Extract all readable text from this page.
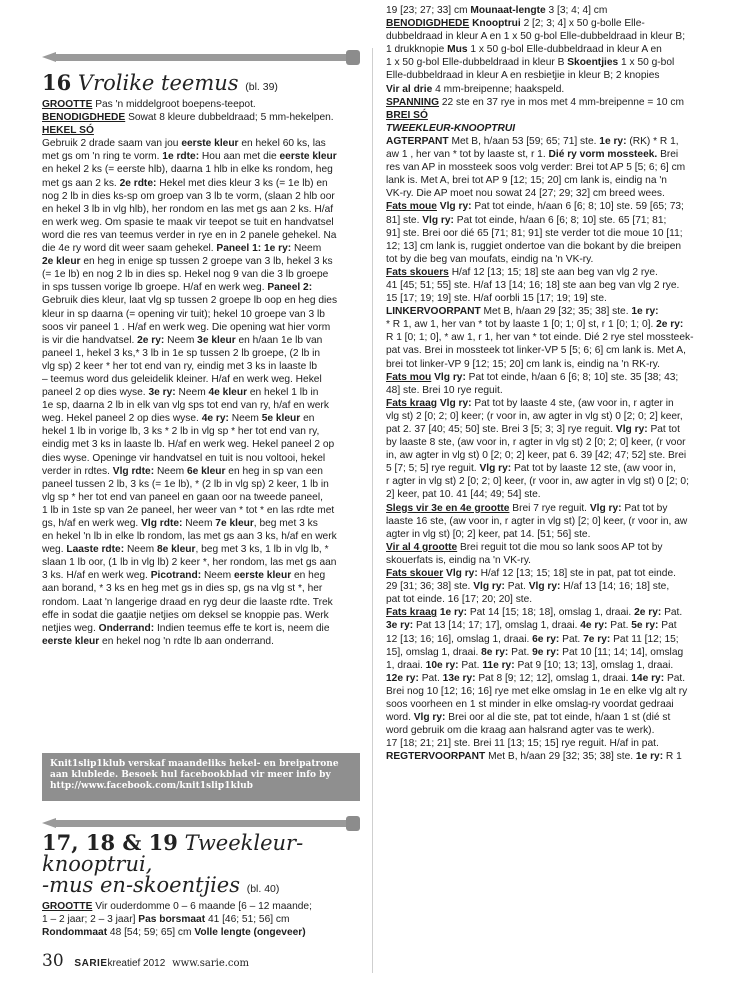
16 Vrolike teemus (bl. 39)

GROOTTE Pas 'n middelgroot boepens-teepot.

BENODIGDHEDE Sowat 8 kleure dubbeldraad; 5 mm-hekelpen.

HEKEL SÓ

Gebruik 2 drade saam van jou eerste kleur en hekel 60 ks, las
met gs om 'n ring te vorm. 1e rdte: Hou aan met die eerste kleur
en hekel 2 ks (= eerste hlb), daarna 1 hlb in elke ks rondom, heg
met gs aan 2 ks. 2e rdte: Hekel met dies kleur 3 ks (= 1e lb) en
nog 2 lb in dies ks-sp om groep van 3 lb te vorm, (slaan 2 hlb oor
en hekel 3 lb in vlg hlb), her rondom en las met gs aan 2 ks. H/af
en werk weg. Om spasie te maak vir teepot se tuit en handvatsel
word die res van teemus verder in rye en in 2 panele gehekel. Na
die 4e ry word dit weer saam gehekel. Paneel 1: 1e ry: Neem
2e kleur en heg in enige sp tussen 2 groepe van 3 lb, hekel 3 ks
(= 1e lb) en nog 2 lb in dies sp. Hekel nog 9 van die 3 lb groepe
in sps tussen vorige lb groepe. H/af en werk weg. Paneel 2:
Gebruik dies kleur, laat vlg sp tussen 2 groepe lb oop en heg dies
kleur in sp daarna (= opening vir tuit); hekel 10 groepe van 3 lb
soos vir paneel 1 . H/af en werk weg. Die opening wat hier vorm
is vir die handvatsel. 2e ry: Neem 3e kleur en h/aan 1e lb van
paneel 1, hekel 3 ks,* 3 lb in 1e sp tussen 2 lb groepe, (2 lb in
vlg sp) 2 keer * her tot end van ry, eindig met 3 ks in laaste lb
– teemus word dus geleidelik kleiner. H/af en werk weg. Hekel
paneel 2 op dies wyse. 3e ry: Neem 4e kleur en hekel 1 lb in
1e sp, daarna 2 lb in elk van vlg sps tot end van ry, h/af en werk
weg. Hekel paneel 2 op dies wyse. 4e ry: Neem 5e kleur en
hekel 1 lb in vorige lb, 3 ks * 2 lb in vlg sp * her tot end van ry,
eindig met 3 ks in laaste lb. H/af en werk weg. Hekel paneel 2 op
dies wyse. Openinge vir handvatsel en tuit is nou voltooi, hekel
verder in rdtes. Vlg rdte: Neem 6e kleur en heg in sp van een
paneel tussen 2 lb, 3 ks (= 1e lb), * (2 lb in vlg sp) 2 keer, 1 lb in
vlg sp * her tot end van paneel en gaan oor na tweede paneel,
1 lb in 1ste sp van 2e paneel, her weer van * tot * en las rdte met
gs, h/af en werk weg. Vlg rdte: Neem 7e kleur, beg met 3 ks
en hekel 'n lb in elke lb rondom, las met gs aan 3 ks, h/af en werk
weg. Laaste rdte: Neem 8e kleur, beg met 3 ks, 1 lb in vlg lb, *
slaan 1 lb oor, (1 lb in vlg lb) 2 keer *, her rondom, las met gs aan
3 ks. H/af en werk weg. Picotrand: Neem eerste kleur en heg
aan borand, * 3 ks en heg met gs in dies sp, gs na vlg st *, her
rondom. Laat 'n langerige draad en ryg deur die laaste rdte. Trek
effe in sodat die gaatjie netjies om deksel se knoppie pas. Werk
netjies weg. Onderrand: Indien teemus effe te kort is, neem die
eerste kleur en hekel nog 'n rdte lb aan onderrand.
Knit1slip1klub verskaf maandeliks hekel- en breipatrone
aan klublede. Besoek hul facebookblad vir meer info by
http://www.facebook.com/knit1slip1klub
17, 18 & 19 Tweekleur-knooptrui,
-mus en-skoentjies (bl. 40)
GROOTTE Vir ouderdomme 0 – 6 maande [6 – 12 maande;
1 – 2 jaar; 2 – 3 jaar] Pas borsmaat 41 [46; 51; 56] cm
Rondommaat 48 [54; 59; 65] cm Volle lengte (ongeveer)
19 [23; 27; 33] cm Mounaat-lengte 3 [3; 4; 4] cm
BENODIGDHEDE Knooptrui 2 [2; 3; 4] x 50 g-bolle Elle-
dubbeldraad in kleur A en 1 x 50 g-bol Elle-dubbeldraad in kleur B;
1 drukknopie Mus 1 x 50 g-bol Elle-dubbeldraad in kleur A en
1 x 50 g-bol Elle-dubbeldraad in kleur B Skoentjies 1 x 50 g-bol
Elle-dubbeldraad in kleur A en resbietjie in kleur B; 2 knopies
Vir al drie 4 mm-breipenne; haakspeld.
SPANNING 22 ste en 37 rye in mos met 4 mm-breipenne = 10 cm
BREI SÓ
TWEEKLEUR-KNOOPTRUI
AGTERPANT Met B, h/aan 53 [59; 65; 71] ste. 1e ry: (RK) * R 1,
aw 1 , her van * tot by laaste st, r 1. Dié ry vorm mossteek. Brei
res van AP in mossteek soos volg verder: Brei tot AP 5 [5; 6; 6] cm
lank is. Met A, brei tot AP 9 [12; 15; 20] cm lank is, eindig na 'n
VK-ry. Die AP moet nou sowat 24 [27; 29; 32] cm breed wees.
Fats moue Vlg ry: Pat tot einde, h/aan 6 [6; 8; 10] ste. 59 [65; 73;
81] ste. Vlg ry: Pat tot einde, h/aan 6 [6; 8; 10] ste. 65 [71; 81;
91] ste. Brei oor dié 65 [71; 81; 91] ste verder tot die moue 10 [11;
12; 13] cm lank is, ruggiet ondertoe van die bokant by die breipen
tot by die beg van moufats, eindig na 'n VK-ry.
Fats skouers H/af 12 [13; 15; 18] ste aan beg van vlg 2 rye.
41 [45; 51; 55] ste. H/af 13 [14; 16; 18] ste aan beg van vlg 2 rye.
15 [17; 19; 19] ste. H/af oorbli 15 [17; 19; 19] ste.
LINKERVOORPANT Met B, h/aan 29 [32; 35; 38] ste. 1e ry:
* R 1, aw 1, her van * tot by laaste 1 [0; 1; 0] st, r 1 [0; 1; 0]. 2e ry:
R 1 [0; 1; 0], * aw 1, r 1, her van * tot einde. Dié 2 rye stel mossteek-
pat vas. Brei in mossteek tot linker-VP 5 [5; 6; 6] cm lank is. Met A,
brei tot linker-VP 9 [12; 15; 20] cm lank is, eindig na 'n RK-ry.
Fats mou Vlg ry: Pat tot einde, h/aan 6 [6; 8; 10] ste. 35 [38; 43;
48] ste. Brei 10 rye reguit.
Fats kraag Vlg ry: Pat tot by laaste 4 ste, (aw voor in, r agter in
vlg st) 2 [0; 2; 0] keer; (r voor in, aw agter in vlg st) 0 [2; 0; 2] keer,
pat 2. 37 [40; 45; 50] ste. Brei 3 [5; 3; 3] rye reguit. Vlg ry: Pat tot
by laaste 8 ste, (aw voor in, r agter in vlg st) 2 [0; 2; 0] keer, (r voor
in, aw agter in vlg st) 0 [2; 0; 2] keer, pat 6. 39 [42; 47; 52] ste. Brei
5 [7; 5; 5] rye reguit. Vlg ry: Pat tot by laaste 12 ste, (aw voor in,
r agter in vlg st) 2 [0; 2; 0] keer, (r voor in, aw agter in vlg st) 0 [2; 0;
2] keer, pat 10. 41 [44; 49; 54] ste.
Slegs vir 3e en 4e grootte Brei 7 rye reguit. Vlg ry: Pat tot by
laaste 16 ste, (aw voor in, r agter in vlg st) [2; 0] keer, (r voor in, aw
agter in vlg st) [0; 2] keer, pat 14. [51; 56] ste.
Vir al 4 grootte Brei reguit tot die mou so lank soos AP tot by
skouerfats is, eindig na 'n VK-ry.
Fats skouer Vlg ry: H/af 12 [13; 15; 18] ste in pat, pat tot einde.
29 [31; 36; 38] ste. Vlg ry: Pat. Vlg ry: H/af 13 [14; 16; 18] ste,
pat tot einde. 16 [17; 20; 20] ste.
Fats kraag 1e ry: Pat 14 [15; 18; 18], omslag 1, draai. 2e ry: Pat.
3e ry: Pat 13 [14; 17; 17], omslag 1, draai. 4e ry: Pat. 5e ry: Pat
12 [13; 16; 16], omslag 1, draai. 6e ry: Pat. 7e ry: Pat 11 [12; 15;
15], omslag 1, draai. 8e ry: Pat. 9e ry: Pat 10 [11; 14; 14], omslag
1, draai. 10e ry: Pat. 11e ry: Pat 9 [10; 13; 13], omslag 1, draai.
12e ry: Pat. 13e ry: Pat 8 [9; 12; 12], omslag 1, draai. 14e ry: Pat.
Brei nog 10 [12; 16; 16] rye met elke omslag in 1e en elke vlg alt ry
soos voorheen en 1 st minder in elke omslag-ry voordat gedraai
word. Vlg ry: Brei oor al die ste, pat tot einde, h/aan 1 st (dié st
word gebruik om die kraag aan halsrand agter vas te werk).
17 [18; 21; 21] ste. Brei 11 [13; 15; 15] rye reguit. H/af in pat.
REGTERVOORPANT Met B, h/aan 29 [32; 35; 38] ste. 1e ry: R 1
30 SARIEkreatief 2012 www.sarie.com
